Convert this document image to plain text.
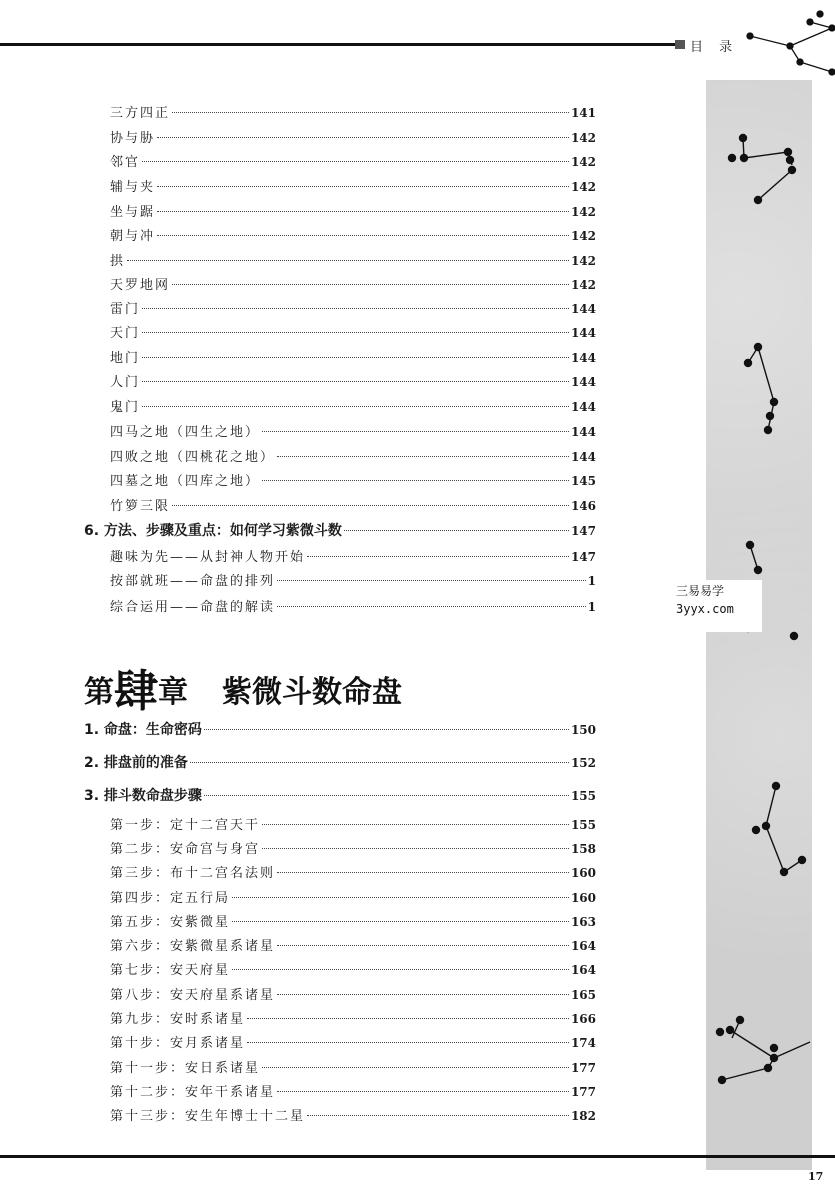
目 录
三易易学
3yyx.com
三方四正	141
协与胁	142
邻官	142
辅与夹	142
坐与踞	142
朝与冲	142
拱	142
天罗地网	142
雷门	144
天门	144
地门	144
人门	144
鬼门	144
四马之地（四生之地）	144
四败之地（四桃花之地）	144
四墓之地（四库之地）	145
竹箩三限	146
6. 方法、步骤及重点：如何学习紫微斗数	147
趣味为先——从封神人物开始	147
按部就班——命盘的排列	1
综合运用——命盘的解读	1
第肆章 紫微斗数命盘
1. 命盘：生命密码	150
2. 排盘前的准备	152
3. 排斗数命盘步骤	155
第一步：定十二宫天干	155
第二步：安命宫与身宫	158
第三步：布十二宫名法则	160
第四步：定五行局	160
第五步：安紫微星	163
第六步：安紫微星系诸星	164
第七步：安天府星	164
第八步：安天府星系诸星	165
第九步：安时系诸星	166
第十步：安月系诸星	174
第十一步：安日系诸星	177
第十二步：安年干系诸星	177
第十三步：安生年博士十二星	182
17
